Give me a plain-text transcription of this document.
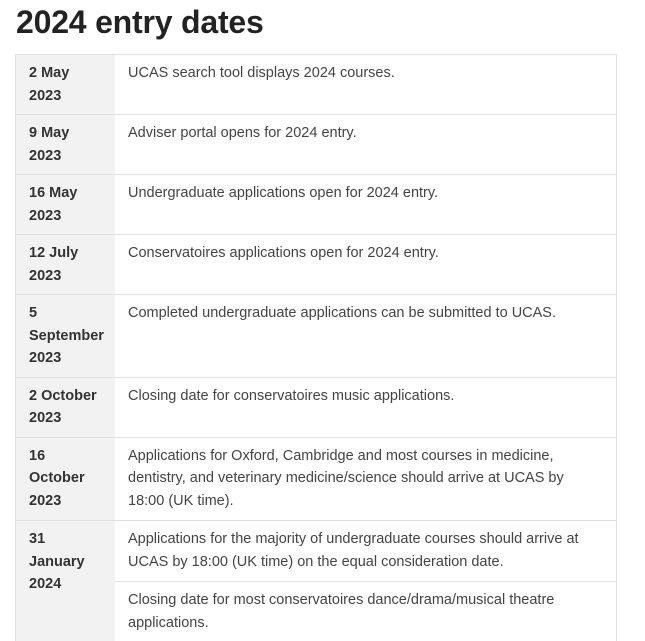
2024 entry dates
2 May
2023
UCAS search tool displays 2024 courses.
9 May
2023
Adviser portal opens for 2024 entry.
16 May
2023
Undergraduate applications open for 2024 entry.
12 July
2023
Conservatoires applications open for 2024 entry.
5
September
2023
Completed undergraduate applications can be submitted to UCAS.
2 October
2023
Closing date for conservatoires music applications.
16
October
2023
Applications for Oxford, Cambridge and most courses in medicine, dentistry, and veterinary medicine/science should arrive at UCAS by 18:00 (UK time).
31
January
2024
Applications for the majority of undergraduate courses should arrive at UCAS by 18:00 (UK time) on the equal consideration date.
Closing date for most conservatoires dance/drama/musical theatre applications.
